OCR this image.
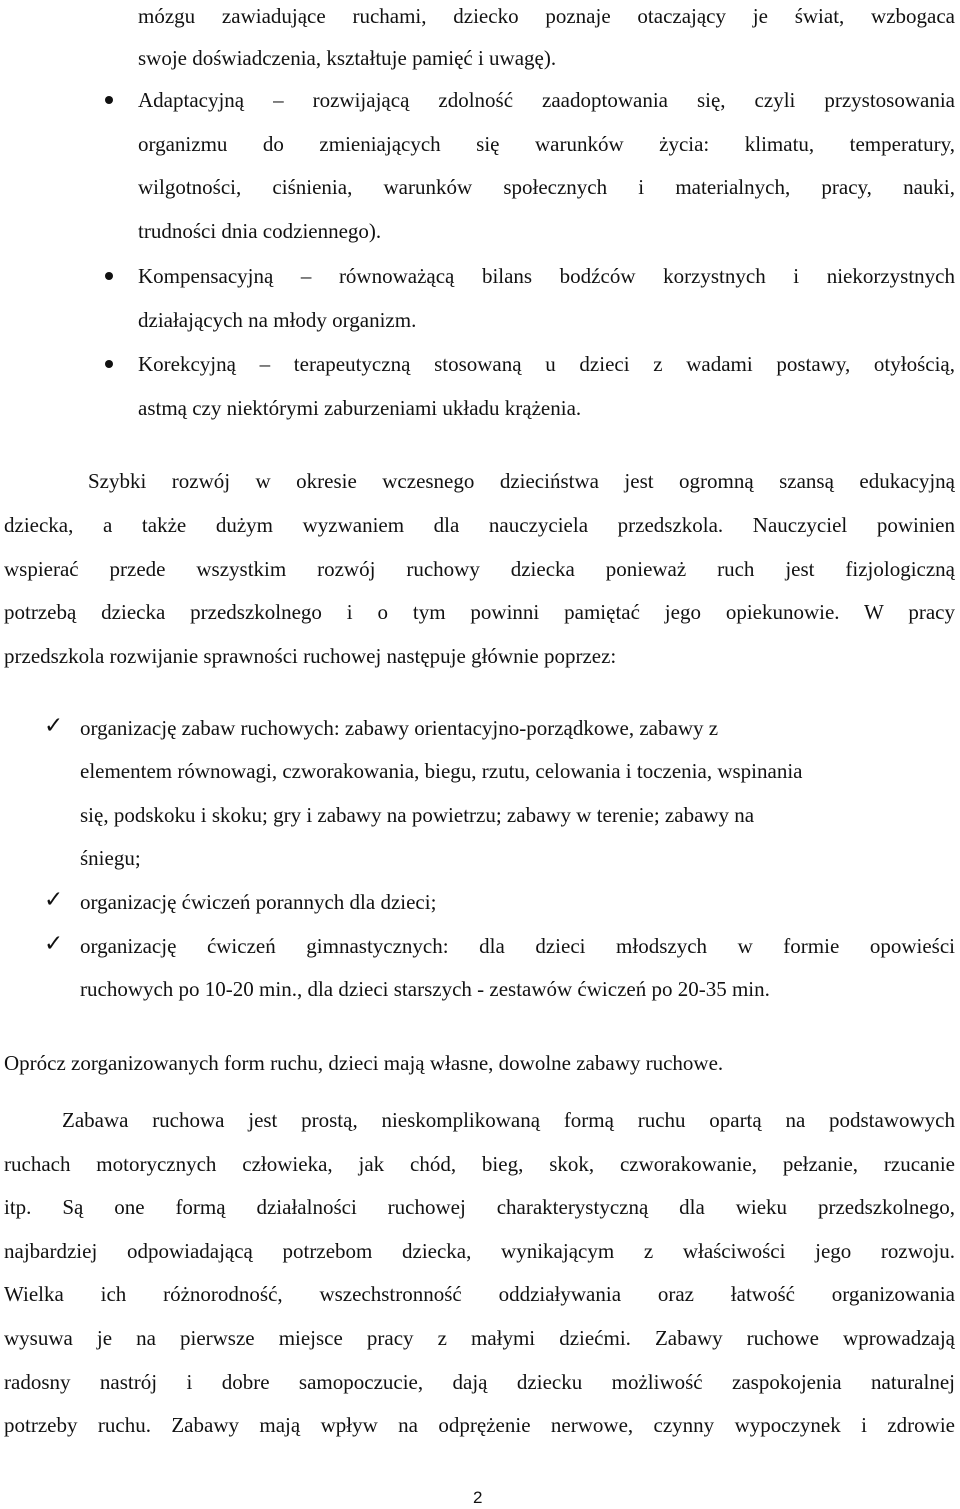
mózgu zawiadujące ruchami, dziecko poznaje otaczający je świat, wzbogaca
swoje doświadczenia, kształtuje pamięć i uwagę).
Adaptacyjną – rozwijającą zdolność zaadoptowania się, czyli przystosowania
organizmu do zmieniających się warunków życia: klimatu, temperatury,
wilgotności, ciśnienia, warunków społecznych i materialnych, pracy, nauki,
trudności dnia codziennego).
Kompensacyjną – równoważącą bilans bodźców korzystnych i niekorzystnych
działających na młody organizm.
Korekcyjną – terapeutyczną stosowaną u dzieci z wadami postawy, otyłością,
astmą czy niektórymi zaburzeniami układu krążenia.
Szybki rozwój w okresie wczesnego dzieciństwa jest ogromną szansą edukacyjną
dziecka, a także dużym wyzwaniem dla nauczyciela przedszkola. Nauczyciel powinien
wspierać przede wszystkim rozwój ruchowy dziecka ponieważ ruch jest fizjologiczną
potrzebą dziecka przedszkolnego i o tym powinni pamiętać jego opiekunowie. W pracy
przedszkola rozwijanie sprawności ruchowej następuje głównie poprzez:
✓ organizację zabaw ruchowych: zabawy orientacyjno-porządkowe, zabawy z
elementem równowagi, czworakowania, biegu, rzutu, celowania i toczenia, wspinania
się, podskoku i skoku; gry i zabawy na powietrzu; zabawy w terenie; zabawy na
śniegu;
✓ organizację ćwiczeń porannych dla dzieci;
✓ organizację ćwiczeń gimnastycznych: dla dzieci młodszych w formie opowieści
ruchowych po 10-20 min., dla dzieci starszych - zestawów ćwiczeń po 20-35 min.
Oprócz zorganizowanych form ruchu, dzieci mają własne, dowolne zabawy ruchowe.
Zabawa ruchowa jest prostą, nieskomplikowaną formą ruchu opartą na podstawowych
ruchach motorycznych człowieka, jak chód, bieg, skok, czworakowanie, pełzanie, rzucanie
itp. Są one formą działalności ruchowej charakterystyczną dla wieku przedszkolnego,
najbardziej odpowiadającą potrzebom dziecka, wynikającym z właściwości jego rozwoju.
Wielka ich różnorodność, wszechstronność oddziaływania oraz łatwość organizowania
wysuwa je na pierwsze miejsce pracy z małymi dziećmi. Zabawy ruchowe wprowadzają
radosny nastrój i dobre samopoczucie, dają dziecku możliwość zaspokojenia naturalnej
potrzeby ruchu. Zabawy mają wpływ na odprężenie nerwowe, czynny wypoczynek i zdrowie
2
